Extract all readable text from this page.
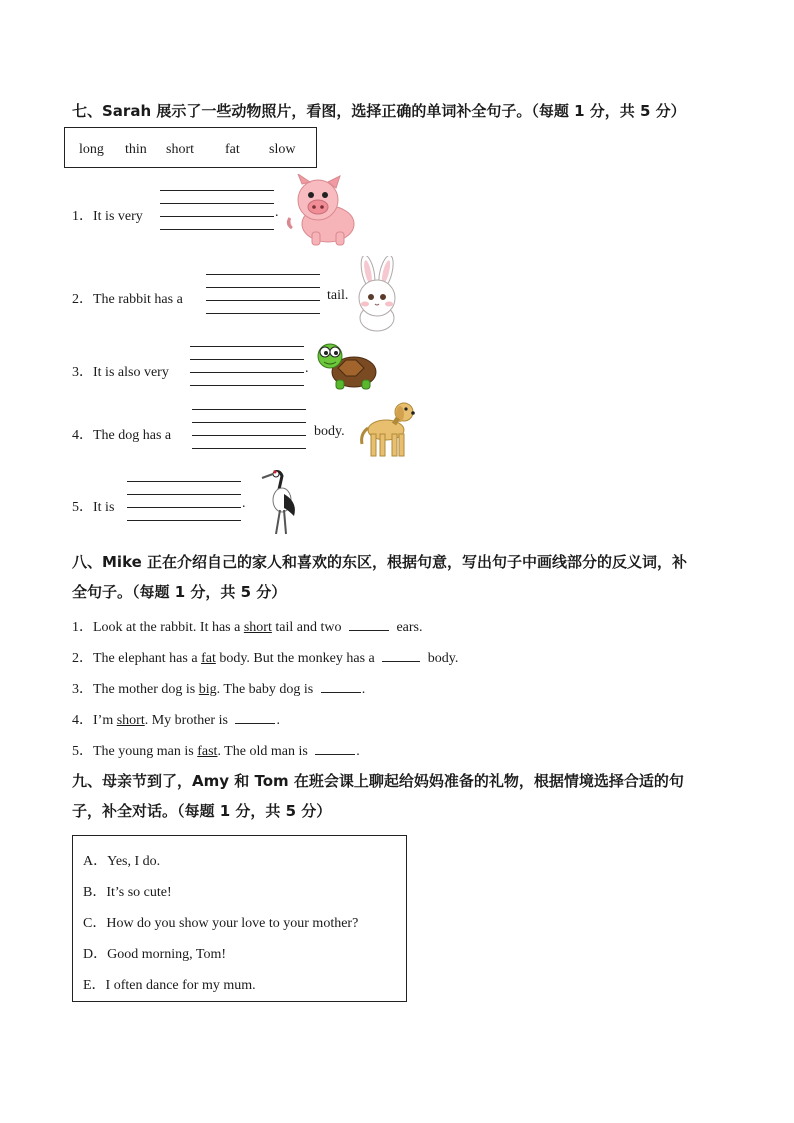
七、Sarah 展示了一些动物照片，看图，选择正确的单词补全句子。（每题 1 分，共 5 分）
long thin short fat slow
1．It is very	.
2．The rabbit has a	tail.
3．It is also very	.
4．The dog has a	body.
5．It is	.
八、Mike 正在介绍自己的家人和喜欢的东区，根据句意，写出句子中画线部分的反义词，补
全句子。（每题 1 分，共 5 分）
1．Look at the rabbit. It has a short tail and two	ears.
2．The elephant has a fat body. But the monkey has a	body.
3．The mother dog is big. The baby dog is	.
4．I’m short. My brother is	.
5．The young man is fast. The old man is	.
九、母亲节到了，Amy 和 Tom 在班会课上聊起给妈妈准备的礼物，根据情境选择合适的句
子，补全对话。（每题 1 分，共 5 分）
A．Yes, I do.
B．It’s so cute!
C．How do you show your love to your mother?
D．Good morning, Tom!
E．I often dance for my mum.
